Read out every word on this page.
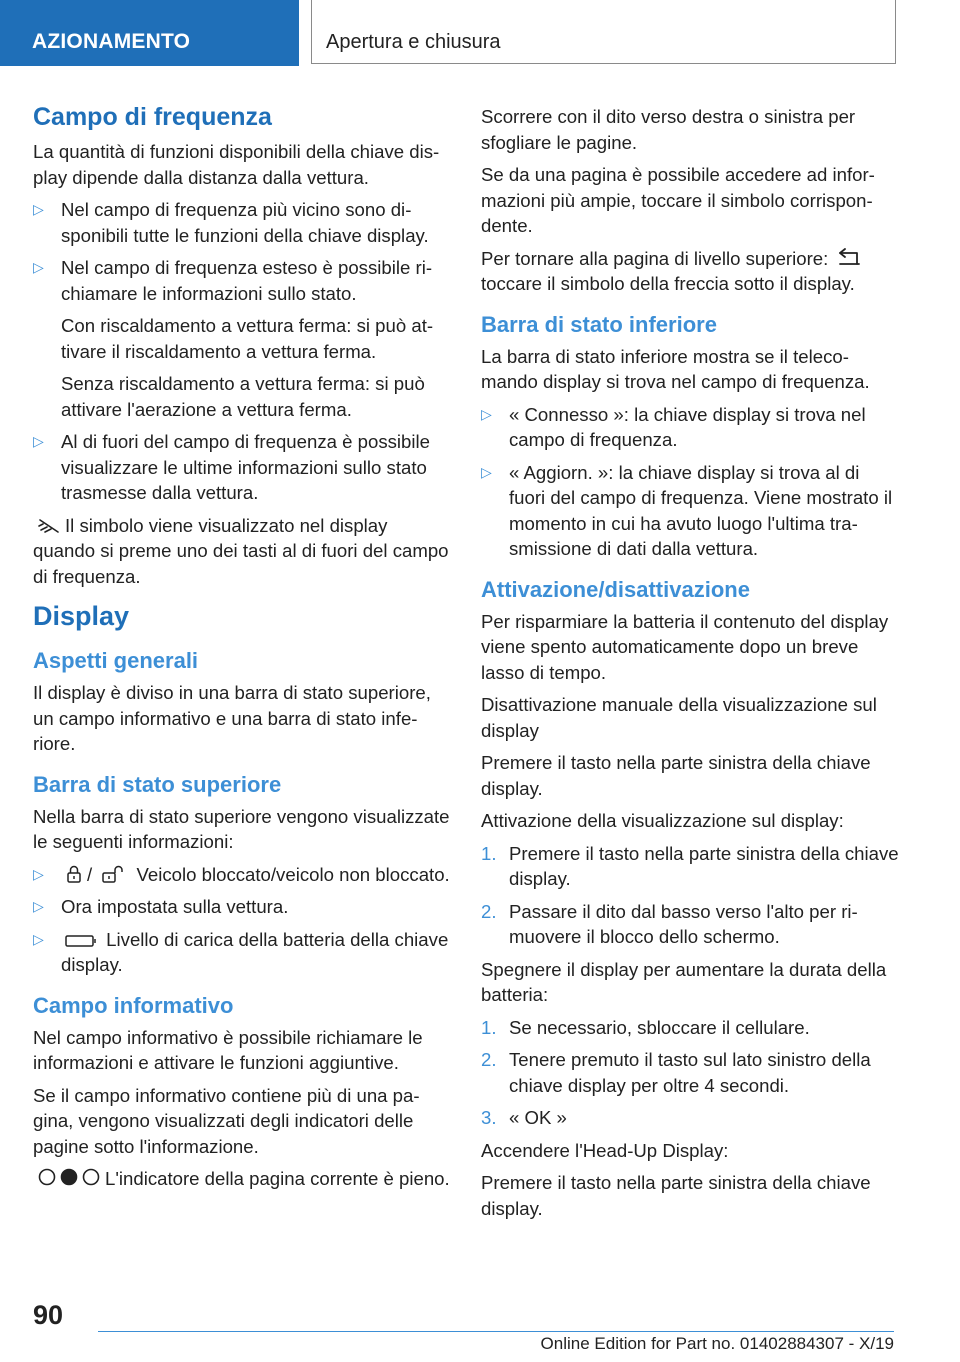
AZIONAMENTO	Apertura e chiusura
Campo di frequenza

La quantità di funzioni disponibili della chiave display dipende dalla distanza dalla vettura.

▷ Nel campo di frequenza più vicino sono disponibili tutte le funzioni della chiave display.
▷ Nel campo di frequenza esteso è possibile richiamare le informazioni sullo stato.
Con riscaldamento a vettura ferma: si può attivare il riscaldamento a vettura ferma.
Senza riscaldamento a vettura ferma: si può attivare l'aerazione a vettura ferma.
▷ Al di fuori del campo di frequenza è possibile visualizzare le ultime informazioni sullo stato trasmesse dalla vettura.

Il simbolo viene visualizzato nel display quando si preme uno dei tasti al di fuori del campo di frequenza.

Display
Aspetti generali

Il display è diviso in una barra di stato superiore, un campo informativo e una barra di stato inferiore.

Barra di stato superiore

Nella barra di stato superiore vengono visualizzate le seguenti informazioni:

▷ / Veicolo bloccato/veicolo non bloccato.
▷ Ora impostata sulla vettura.
▷	Livello di carica della batteria della chiave display.
Campo informativo

Nel campo informativo è possibile richiamare le informazioni e attivare le funzioni aggiuntive.

Se il campo informativo contiene più di una pagina, vengono visualizzati degli indicatori delle pagine sotto l'informazione.

L'indicatore della pagina corrente è pieno.

Scorrere con il dito verso destra o sinistra per sfogliare le pagine.

Se da una pagina è possibile accedere ad informazioni più ampie, toccare il simbolo corrispondente.

Per tornare alla pagina di livello superiore:
toccare il simbolo della freccia sotto il display.

Barra di stato inferiore

La barra di stato inferiore mostra se il telecomando display si trova nel campo di frequenza.

▷ « Connesso »: la chiave display si trova nel campo di frequenza.
▷ « Aggiorn. »: la chiave display si trova al di fuori del campo di frequenza. Viene mostrato il momento in cui ha avuto luogo l'ultima trasmissione di dati dalla vettura.
Attivazione/disattivazione

Per risparmiare la batteria il contenuto del display viene spento automaticamente dopo un breve lasso di tempo.

Disattivazione manuale della visualizzazione sul display

Premere il tasto nella parte sinistra della chiave display.

Attivazione della visualizzazione sul display:

1. Premere il tasto nella parte sinistra della chiave display.
2. Passare il dito dal basso verso l'alto per rimuovere il blocco dello schermo.

Spegnere il display per aumentare la durata della batteria:

1. Se necessario, sbloccare il cellulare.
2. Tenere premuto il tasto sul lato sinistro della chiave display per oltre 4 secondi.
3. « OK »

Accendere l'Head-Up Display:

Premere il tasto nella parte sinistra della chiave display.

90
Online Edition for Part no. 01402884307 - X/19
